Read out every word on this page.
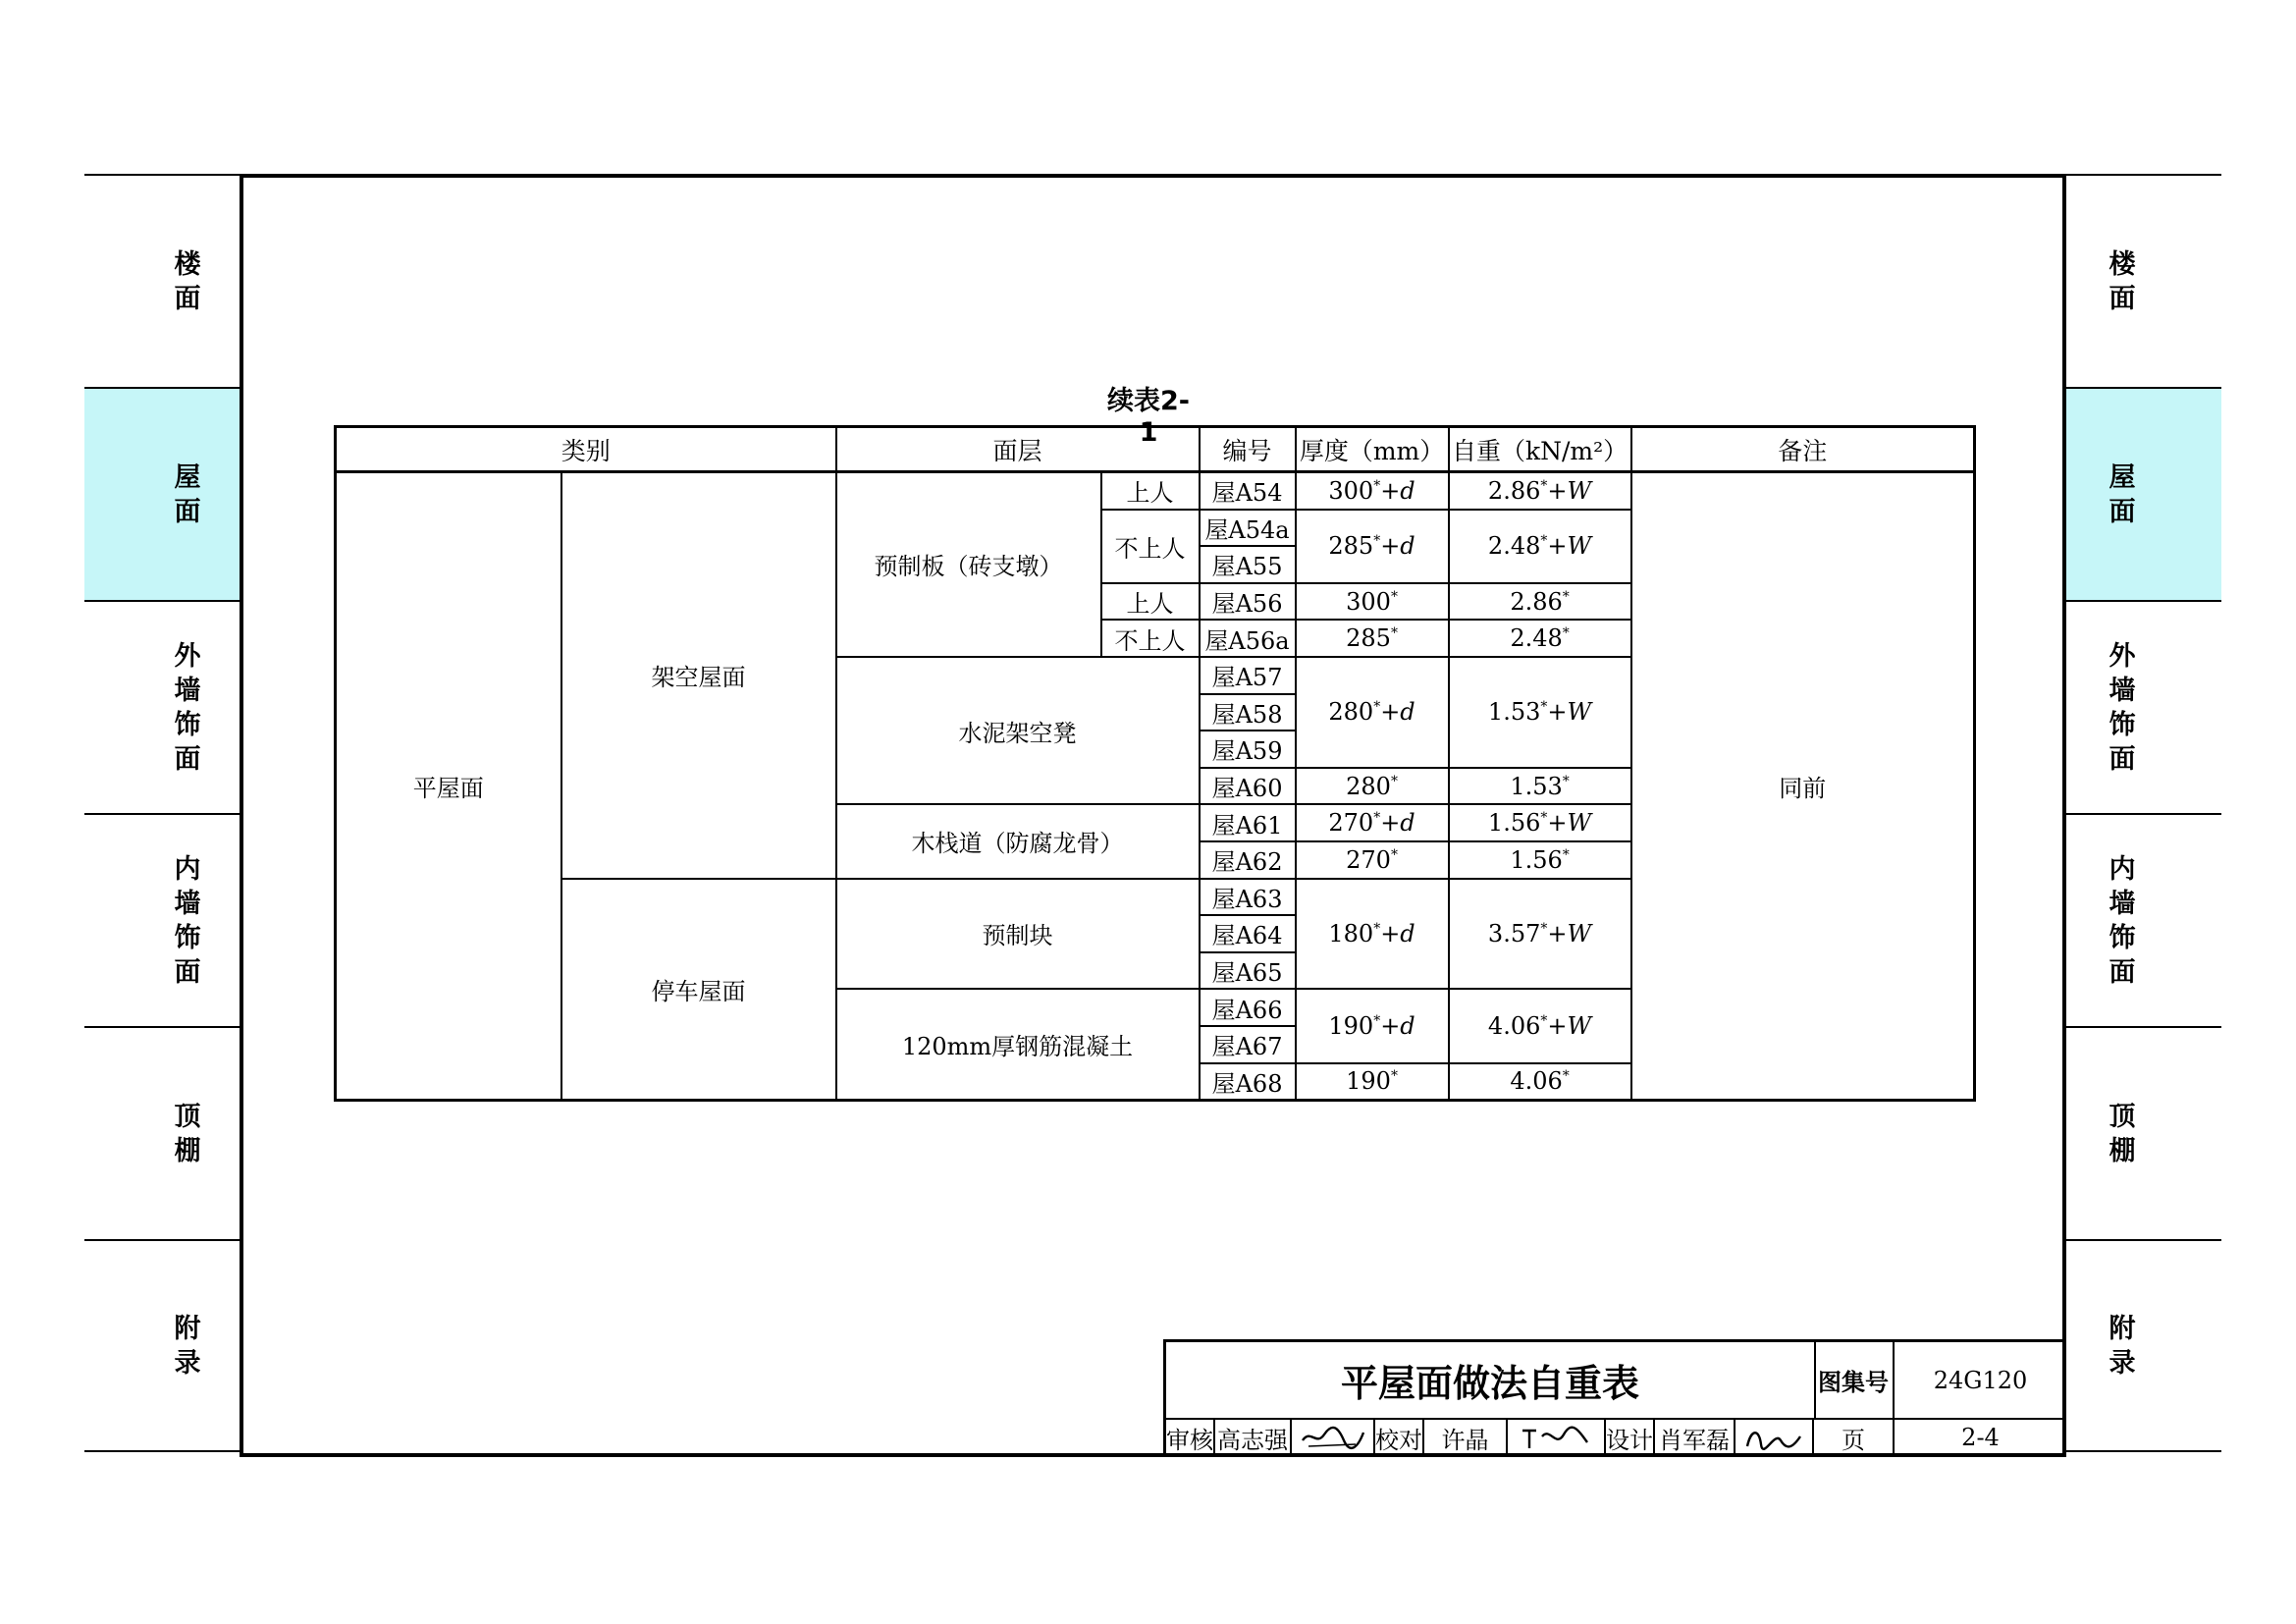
楼面
屋面
外墙饰面
内墙饰面
顶棚
附录
楼面
屋面
外墙饰面
内墙饰面
顶棚
附录
续表2-1
类别		面层		编号	厚度（mm）	自重（kN/m²）	备注
平屋面	架空屋面	预制板（砖支墩）	上人	屋A54	300*+d	2.86*+W	同前
			不上人	屋A54a	285*+d	2.48*+W	
				屋A55			
			上人	屋A56	300*	2.86*
			不上人	屋A56a	285*	2.48*
		水泥架空凳		屋A57	280*+d	1.53*+W	
				屋A58			
				屋A59			
				屋A60	280*	1.53*
		木栈道（防腐龙骨）		屋A61	270*+d	1.56*+W	
				屋A62	270*	1.56*
	停车屋面	预制块		屋A63	180*+d	3.57*+W	
				屋A64			
				屋A65			
		120mm厚钢筋混凝土		屋A66	190*+d	4.06*+W	
				屋A67			
				屋A68	190*	4.06*
平屋面做法自重表	图集号	24G120
审核 高志强	校对 许晶	设计 肖军磊	页	2-4
